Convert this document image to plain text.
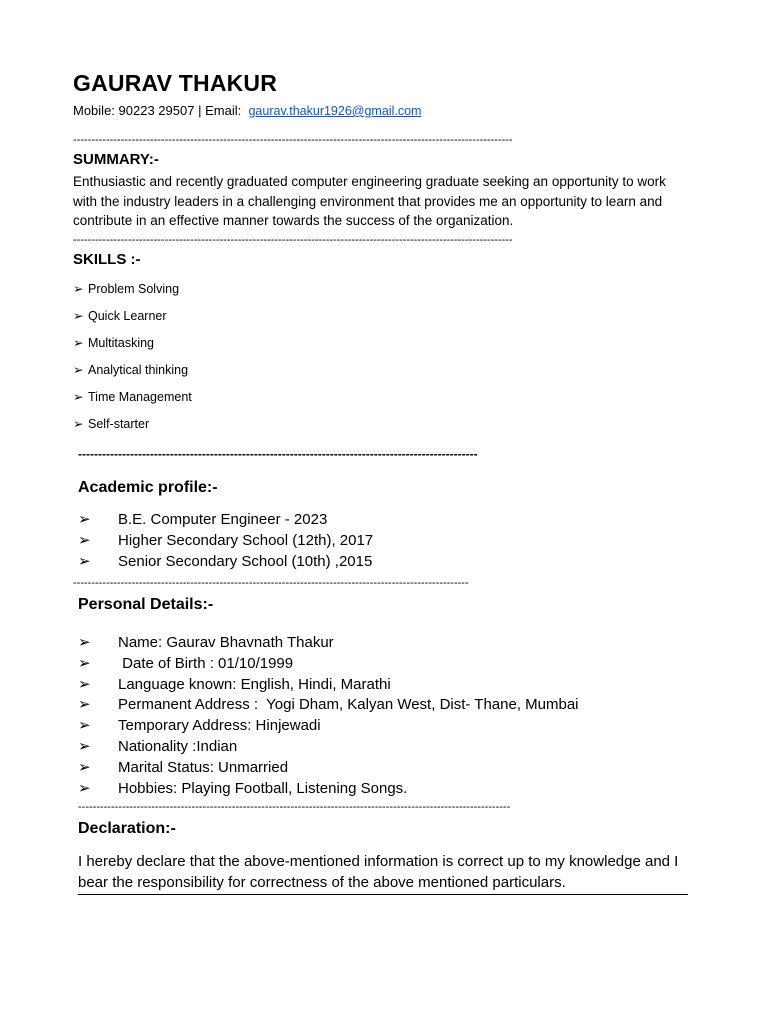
GAURAV THAKUR
Mobile: 90223 29507 | Email: gaurav.thakur1926@gmail.com
------------------------------------------------------------------------------------------------------------------------
SUMMARY:-
Enthusiastic and recently graduated computer engineering graduate seeking an opportunity to work with the industry leaders in a challenging environment that provides me an opportunity to learn and contribute in an effective manner towards the success of the organization.
------------------------------------------------------------------------------------------------------------------------
SKILLS :-
➢ Problem Solving
➢ Quick Learner
➢ Multitasking
➢ Analytical thinking
➢ Time Management
➢ Self-starter
----------------------------------------------------------------------------------------------------
Academic profile:-
➢ B.E. Computer Engineer - 2023
➢ Higher Secondary School (12th), 2017
➢ Senior Secondary School (10th) ,2015
------------------------------------------------------------------------------------------------------------
Personal Details:-
➢ Name: Gaurav Bhavnath Thakur
➢ Date of Birth : 01/10/1999
➢ Language known: English, Hindi, Marathi
➢ Permanent Address :  Yogi Dham, Kalyan West, Dist- Thane, Mumbai
➢ Temporary Address: Hinjewadi
➢ Nationality :Indian
➢ Marital Status: Unmarried
➢ Hobbies: Playing Football, Listening Songs.
----------------------------------------------------------------------------------------------------------------------
Declaration:-
I hereby declare that the above-mentioned information is correct up to my knowledge and I bear the responsibility for correctness of the above mentioned particulars.
